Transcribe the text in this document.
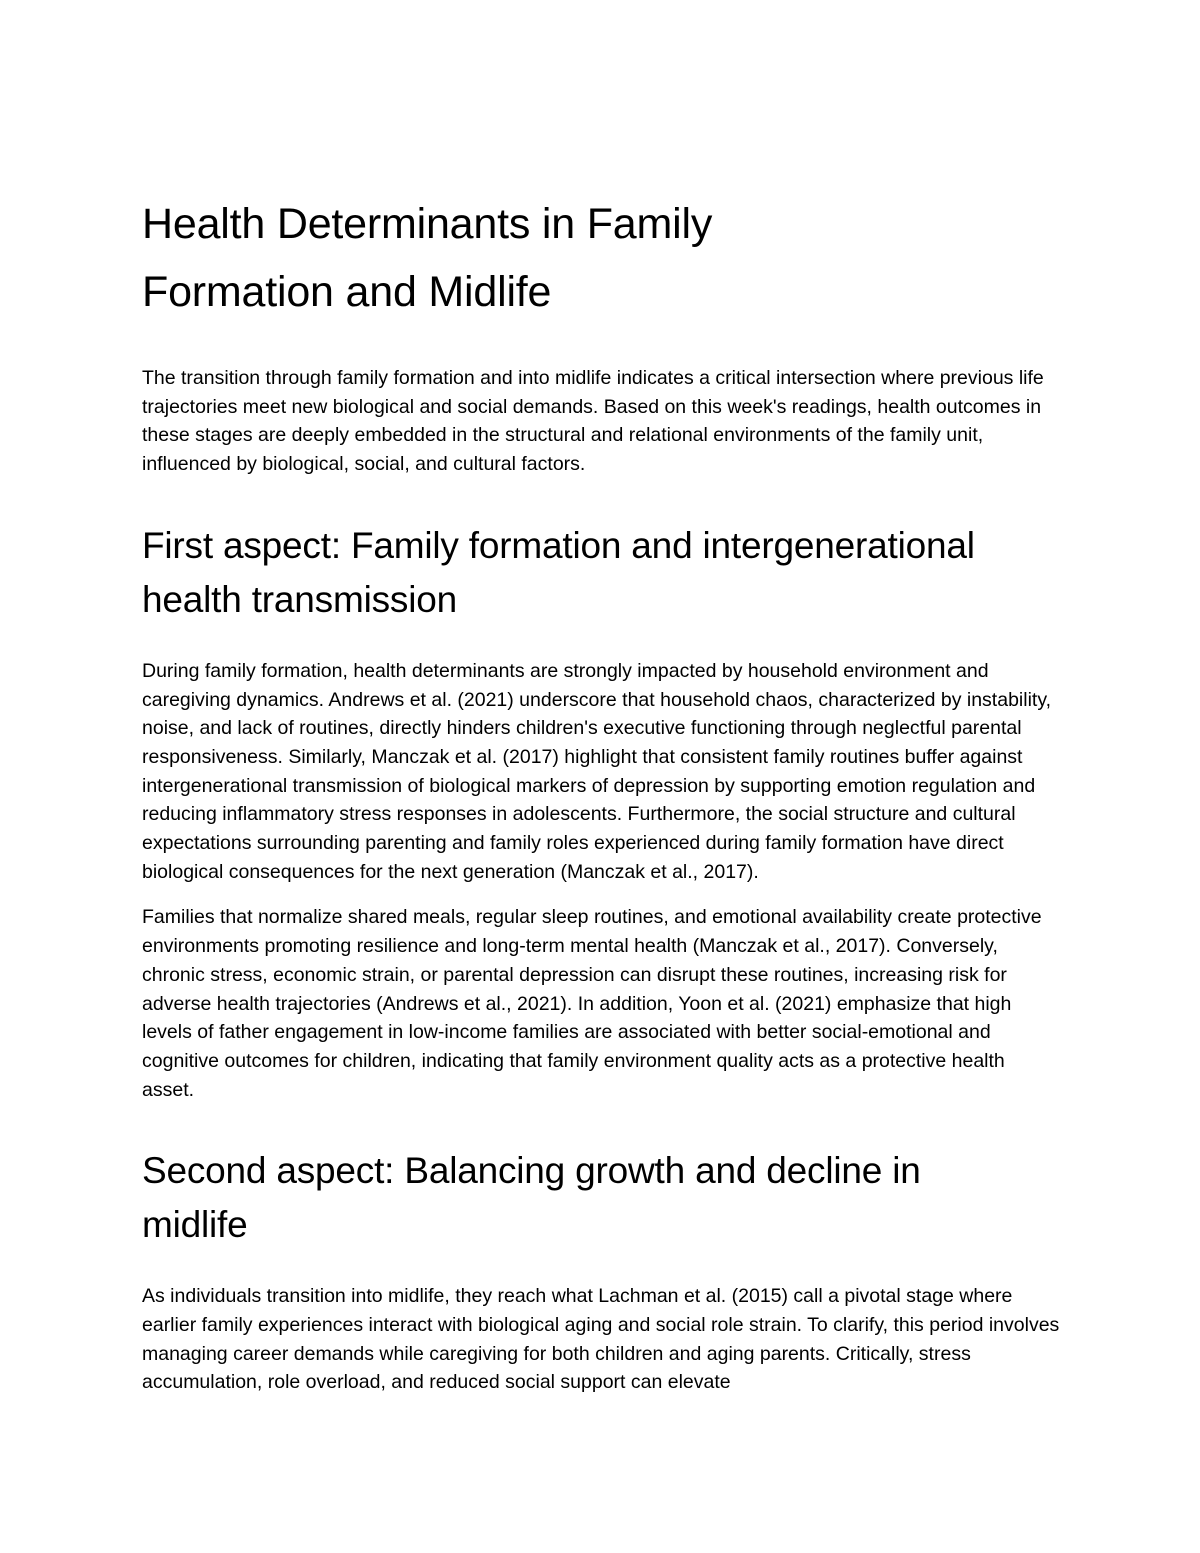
Health Determinants in Family
Formation and Midlife

The transition through family formation and into midlife indicates a critical intersection where previous life trajectories meet new biological and social demands. Based on this week's readings, health outcomes in these stages are deeply embedded in the structural and relational environments of the family unit, influenced by biological, social, and cultural factors.

First aspect: Family formation and intergenerational
health transmission

During family formation, health determinants are strongly impacted by household environment and caregiving dynamics. Andrews et al. (2021) underscore that household chaos, characterized by instability, noise, and lack of routines, directly hinders children's executive functioning through neglectful parental responsiveness. Similarly, Manczak et al. (2017) highlight that consistent family routines buffer against intergenerational transmission of biological markers of depression by supporting emotion regulation and reducing inflammatory stress responses in adolescents. Furthermore, the social structure and cultural expectations surrounding parenting and family roles experienced during family formation have direct biological consequences for the next generation (Manczak et al., 2017).

Families that normalize shared meals, regular sleep routines, and emotional availability create protective environments promoting resilience and long-term mental health (Manczak et al., 2017). Conversely, chronic stress, economic strain, or parental depression can disrupt these routines, increasing risk for adverse health trajectories (Andrews et al., 2021). In addition, Yoon et al. (2021) emphasize that high levels of father engagement in low-income families are associated with better social-emotional and cognitive outcomes for children, indicating that family environment quality acts as a protective health asset.

Second aspect: Balancing growth and decline in
midlife

As individuals transition into midlife, they reach what Lachman et al. (2015) call a pivotal stage where earlier family experiences interact with biological aging and social role strain. To clarify, this period involves managing career demands while caregiving for both children and aging parents. Critically, stress accumulation, role overload, and reduced social support can elevate
